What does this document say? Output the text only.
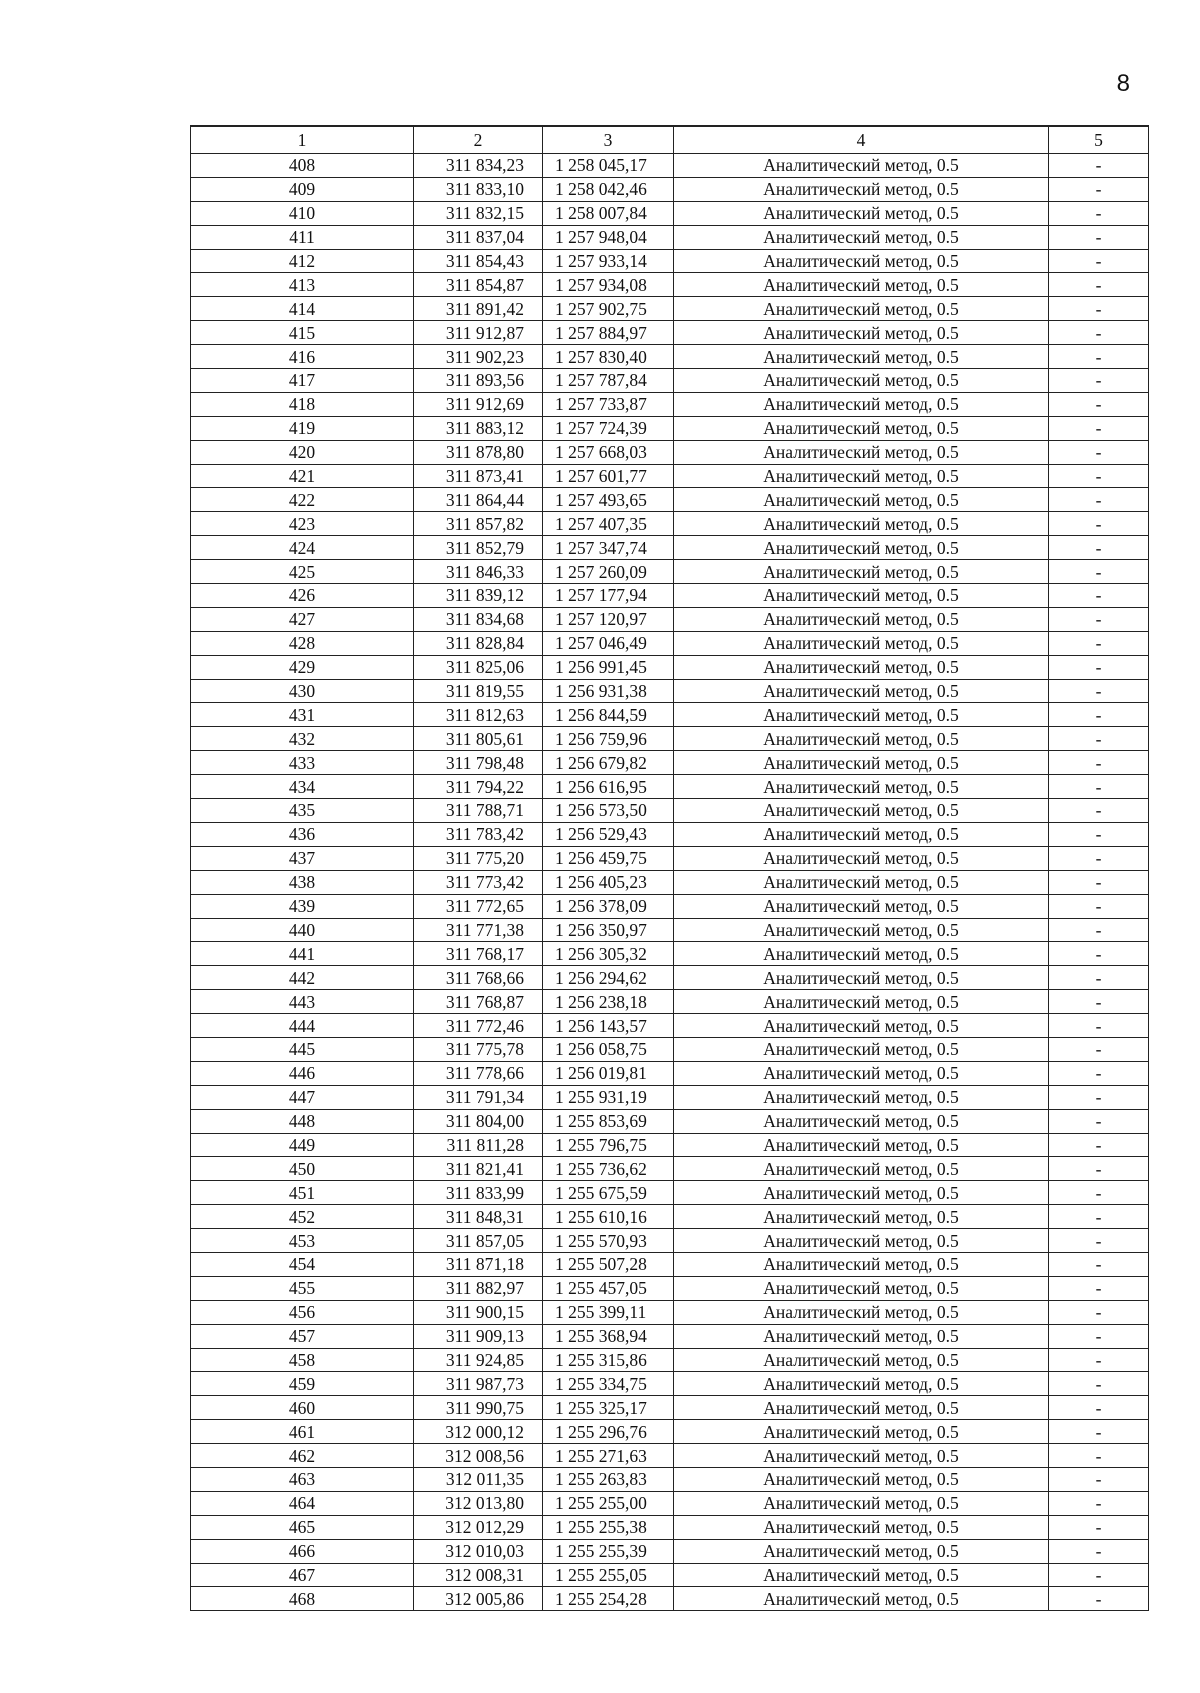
8
1	2	3	4	5
408	311 834,23	1 258 045,17	Аналитический метод, 0.5	-
409	311 833,10	1 258 042,46	Аналитический метод, 0.5	-
410	311 832,15	1 258 007,84	Аналитический метод, 0.5	-
411	311 837,04	1 257 948,04	Аналитический метод, 0.5	-
412	311 854,43	1 257 933,14	Аналитический метод, 0.5	-
413	311 854,87	1 257 934,08	Аналитический метод, 0.5	-
414	311 891,42	1 257 902,75	Аналитический метод, 0.5	-
415	311 912,87	1 257 884,97	Аналитический метод, 0.5	-
416	311 902,23	1 257 830,40	Аналитический метод, 0.5	-
417	311 893,56	1 257 787,84	Аналитический метод, 0.5	-
418	311 912,69	1 257 733,87	Аналитический метод, 0.5	-
419	311 883,12	1 257 724,39	Аналитический метод, 0.5	-
420	311 878,80	1 257 668,03	Аналитический метод, 0.5	-
421	311 873,41	1 257 601,77	Аналитический метод, 0.5	-
422	311 864,44	1 257 493,65	Аналитический метод, 0.5	-
423	311 857,82	1 257 407,35	Аналитический метод, 0.5	-
424	311 852,79	1 257 347,74	Аналитический метод, 0.5	-
425	311 846,33	1 257 260,09	Аналитический метод, 0.5	-
426	311 839,12	1 257 177,94	Аналитический метод, 0.5	-
427	311 834,68	1 257 120,97	Аналитический метод, 0.5	-
428	311 828,84	1 257 046,49	Аналитический метод, 0.5	-
429	311 825,06	1 256 991,45	Аналитический метод, 0.5	-
430	311 819,55	1 256 931,38	Аналитический метод, 0.5	-
431	311 812,63	1 256 844,59	Аналитический метод, 0.5	-
432	311 805,61	1 256 759,96	Аналитический метод, 0.5	-
433	311 798,48	1 256 679,82	Аналитический метод, 0.5	-
434	311 794,22	1 256 616,95	Аналитический метод, 0.5	-
435	311 788,71	1 256 573,50	Аналитический метод, 0.5	-
436	311 783,42	1 256 529,43	Аналитический метод, 0.5	-
437	311 775,20	1 256 459,75	Аналитический метод, 0.5	-
438	311 773,42	1 256 405,23	Аналитический метод, 0.5	-
439	311 772,65	1 256 378,09	Аналитический метод, 0.5	-
440	311 771,38	1 256 350,97	Аналитический метод, 0.5	-
441	311 768,17	1 256 305,32	Аналитический метод, 0.5	-
442	311 768,66	1 256 294,62	Аналитический метод, 0.5	-
443	311 768,87	1 256 238,18	Аналитический метод, 0.5	-
444	311 772,46	1 256 143,57	Аналитический метод, 0.5	-
445	311 775,78	1 256 058,75	Аналитический метод, 0.5	-
446	311 778,66	1 256 019,81	Аналитический метод, 0.5	-
447	311 791,34	1 255 931,19	Аналитический метод, 0.5	-
448	311 804,00	1 255 853,69	Аналитический метод, 0.5	-
449	311 811,28	1 255 796,75	Аналитический метод, 0.5	-
450	311 821,41	1 255 736,62	Аналитический метод, 0.5	-
451	311 833,99	1 255 675,59	Аналитический метод, 0.5	-
452	311 848,31	1 255 610,16	Аналитический метод, 0.5	-
453	311 857,05	1 255 570,93	Аналитический метод, 0.5	-
454	311 871,18	1 255 507,28	Аналитический метод, 0.5	-
455	311 882,97	1 255 457,05	Аналитический метод, 0.5	-
456	311 900,15	1 255 399,11	Аналитический метод, 0.5	-
457	311 909,13	1 255 368,94	Аналитический метод, 0.5	-
458	311 924,85	1 255 315,86	Аналитический метод, 0.5	-
459	311 987,73	1 255 334,75	Аналитический метод, 0.5	-
460	311 990,75	1 255 325,17	Аналитический метод, 0.5	-
461	312 000,12	1 255 296,76	Аналитический метод, 0.5	-
462	312 008,56	1 255 271,63	Аналитический метод, 0.5	-
463	312 011,35	1 255 263,83	Аналитический метод, 0.5	-
464	312 013,80	1 255 255,00	Аналитический метод, 0.5	-
465	312 012,29	1 255 255,38	Аналитический метод, 0.5	-
466	312 010,03	1 255 255,39	Аналитический метод, 0.5	-
467	312 008,31	1 255 255,05	Аналитический метод, 0.5	-
468	312 005,86	1 255 254,28	Аналитический метод, 0.5	-
